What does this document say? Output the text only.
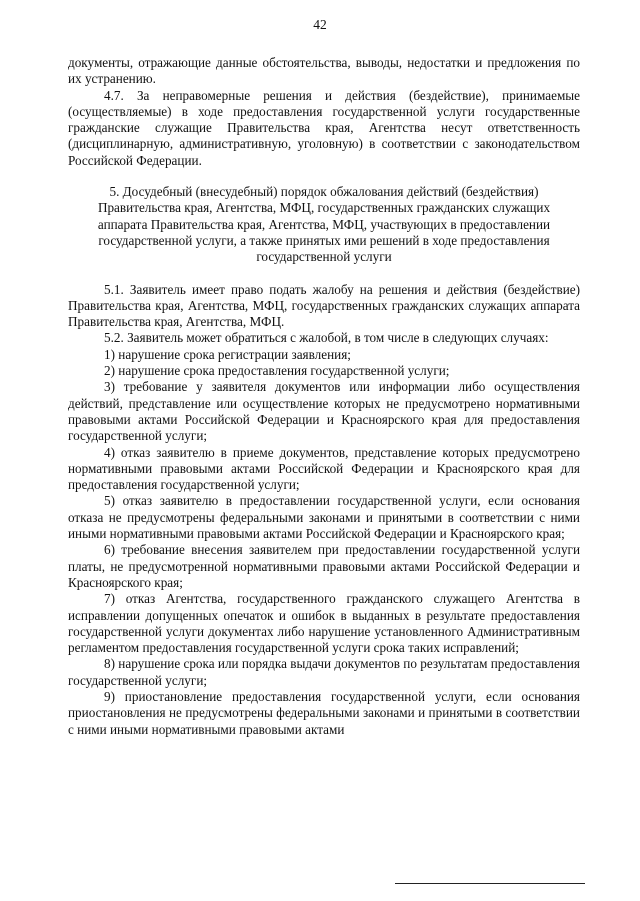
42

документы, отражающие данные обстоятельства, выводы, недостатки и предложения по их устранению.

4.7. За неправомерные решения и действия (бездействие), принимаемые (осуществляемые) в ходе предоставления государственной услуги государственные гражданские служащие Правительства края, Агентства несут ответственность (дисциплинарную, административную, уголовную) в соответствии с законодательством Российской Федерации.

5. Досудебный (внесудебный) порядок обжалования действий (бездействия) Правительства края, Агентства, МФЦ, государственных гражданских служащих аппарата Правительства края, Агентства, МФЦ, участвующих в предоставлении государственной услуги, а также принятых ими решений в ходе предоставления государственной услуги

5.1. Заявитель имеет право подать жалобу на решения и действия (бездействие) Правительства края, Агентства, МФЦ, государственных гражданских служащих аппарата Правительства края, Агентства, МФЦ.

5.2. Заявитель может обратиться с жалобой, в том числе в следующих случаях:

1) нарушение срока регистрации заявления;

2) нарушение срока предоставления государственной услуги;

3) требование у заявителя документов или информации либо осуществления действий, представление или осуществление которых не предусмотрено нормативными правовыми актами Российской Федерации и Красноярского края для предоставления государственной услуги;

4) отказ заявителю в приеме документов, представление которых предусмотрено нормативными правовыми актами Российской Федерации и Красноярского края для предоставления государственной услуги;

5) отказ заявителю в предоставлении государственной услуги, если основания отказа не предусмотрены федеральными законами и принятыми в соответствии с ними иными нормативными правовыми актами Российской Федерации и Красноярского края;

6) требование внесения заявителем при предоставлении государственной услуги платы, не предусмотренной нормативными правовыми актами Российской Федерации и Красноярского края;

7) отказ Агентства, государственного гражданского служащего Агентства в исправлении допущенных опечаток и ошибок в выданных в результате предоставления государственной услуги документах либо нарушение установленного Административным регламентом предоставления государственной услуги срока таких исправлений;

8) нарушение срока или порядка выдачи документов по результатам предоставления государственной услуги;

9) приостановление предоставления государственной услуги, если основания приостановления не предусмотрены федеральными законами и принятыми в соответствии с ними иными нормативными правовыми актами
